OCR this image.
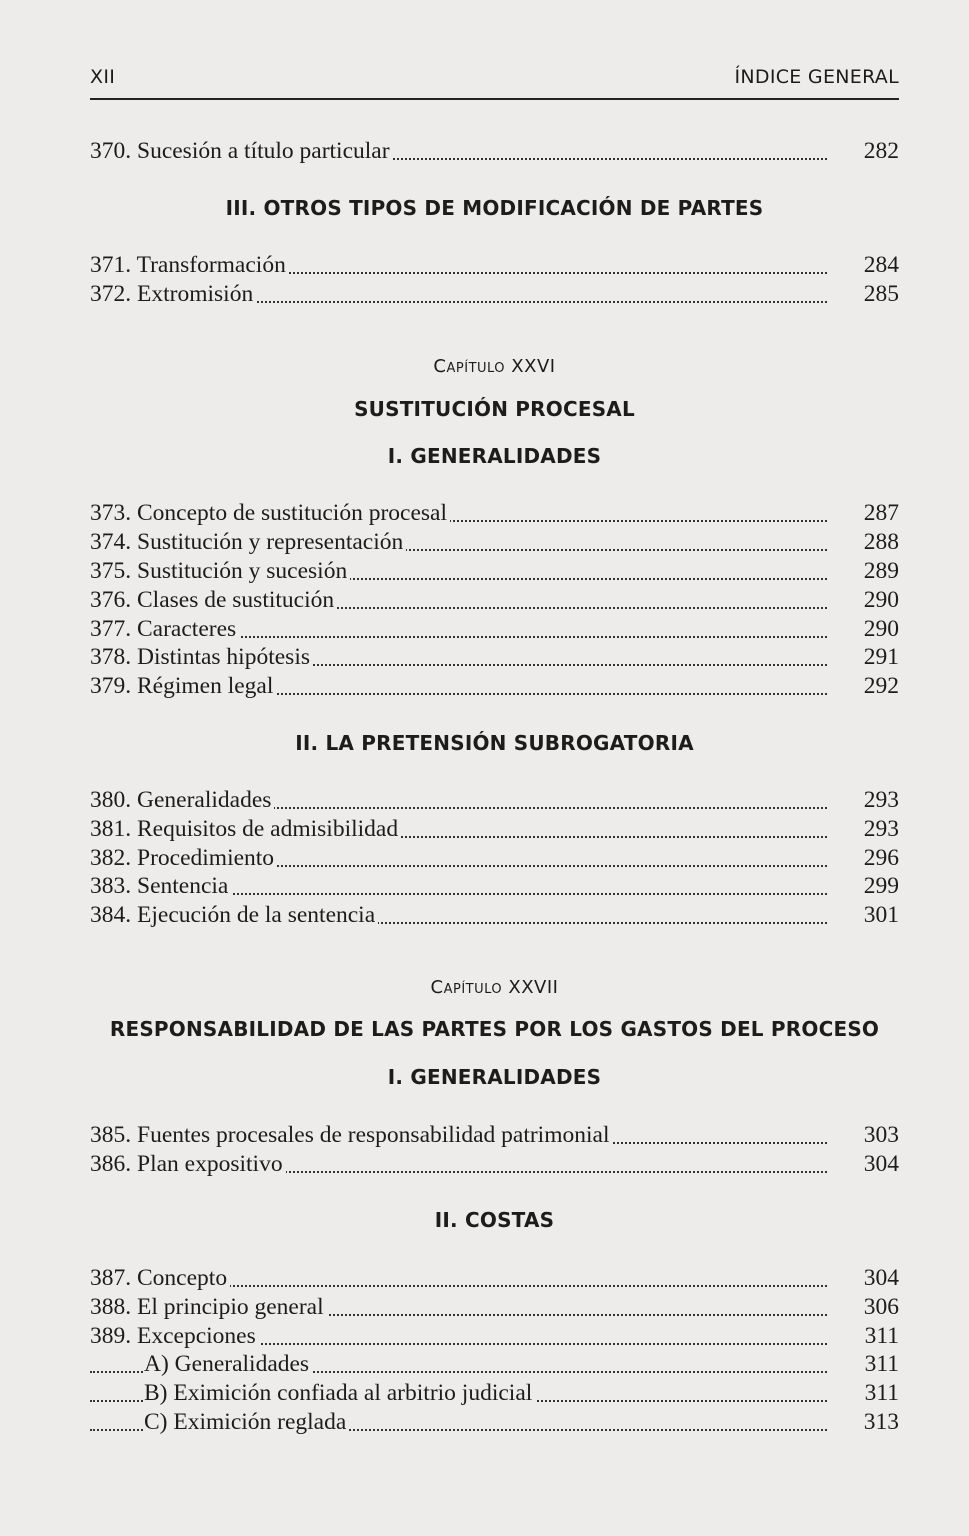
XII	ÍNDICE GENERAL
370. Sucesión a título particular	282
III. OTROS TIPOS DE MODIFICACIÓN DE PARTES
371. Transformación	284
372. Extromisión	285
CAPÍTULO XXVI
SUSTITUCIÓN PROCESAL
I. GENERALIDADES
373. Concepto de sustitución procesal	287
374. Sustitución y representación	288
375. Sustitución y sucesión	289
376. Clases de sustitución	290
377. Caracteres	290
378. Distintas hipótesis	291
379. Régimen legal	292
II. LA PRETENSIÓN SUBROGATORIA
380. Generalidades	293
381. Requisitos de admisibilidad	293
382. Procedimiento	296
383. Sentencia	299
384. Ejecución de la sentencia	301
CAPÍTULO XXVII
RESPONSABILIDAD DE LAS PARTES POR LOS GASTOS DEL PROCESO
I. GENERALIDADES
385. Fuentes procesales de responsabilidad patrimonial	303
386. Plan expositivo	304
II. COSTAS
387. Concepto	304
388. El principio general	306
389. Excepciones	311
A) Generalidades	311
B) Eximición confiada al arbitrio judicial	311
C) Eximición reglada	313
